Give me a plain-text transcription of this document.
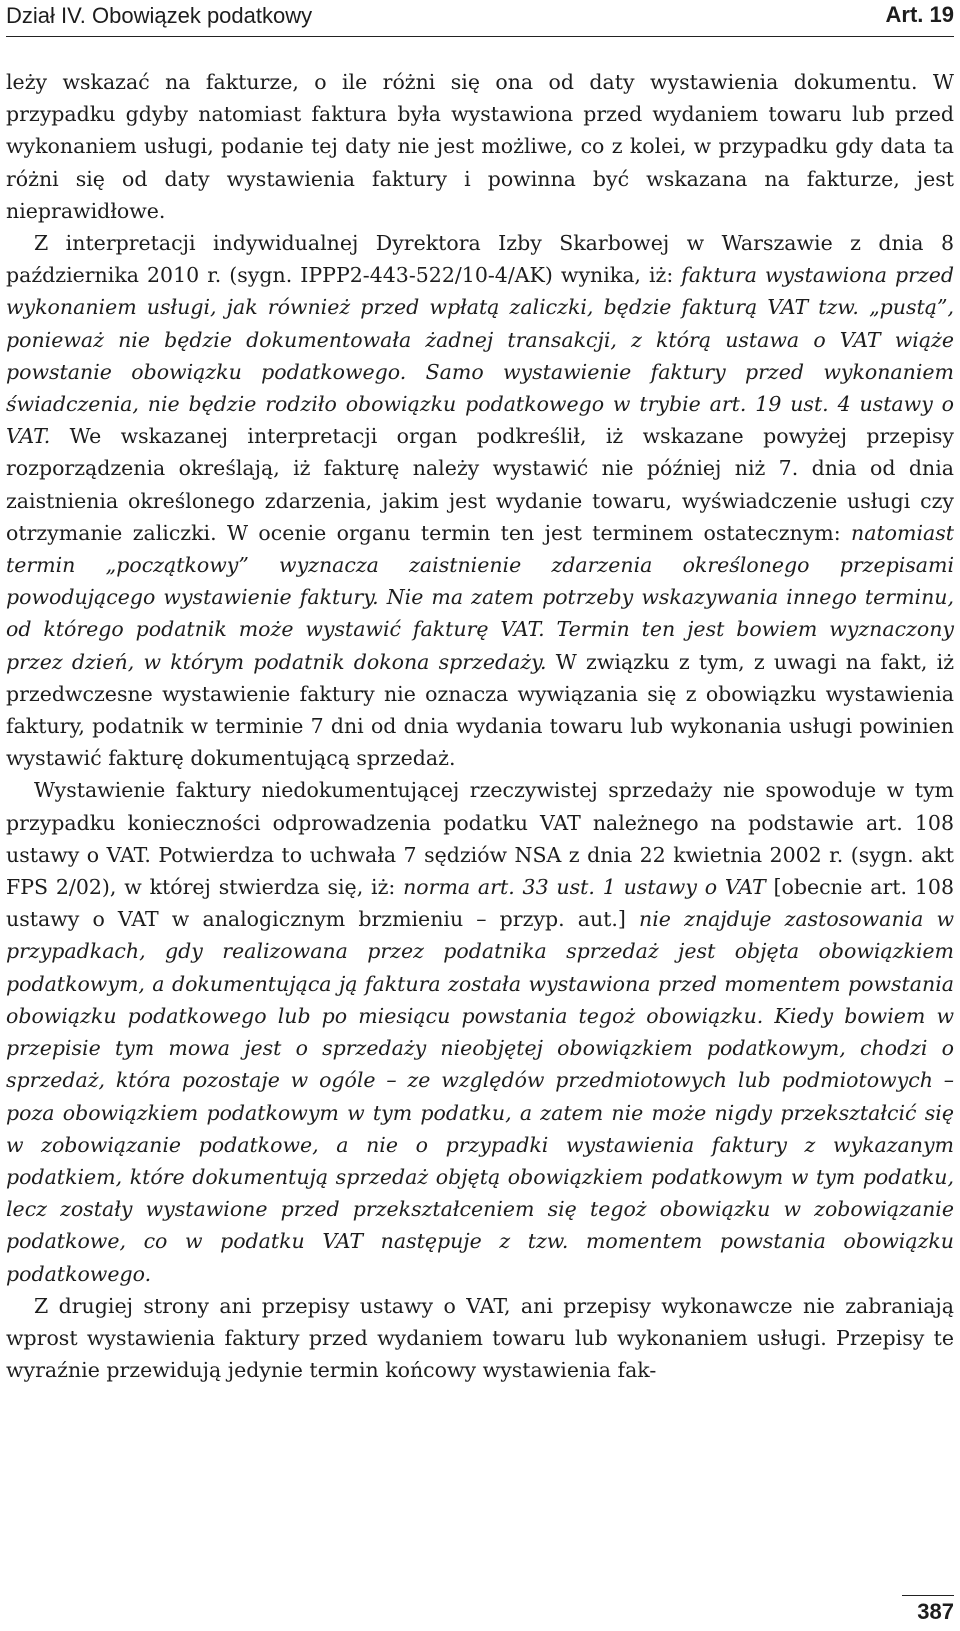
Dział IV. Obowiązek podatkowy	Art. 19

leży wskazać na fakturze, o ile różni się ona od daty wystawienia dokumentu. W przypadku gdyby natomiast faktura była wystawiona przed wydaniem towaru lub przed wykonaniem usługi, podanie tej daty nie jest możliwe, co z kolei, w przypadku gdy data ta różni się od daty wystawienia faktury i powinna być wskazana na fakturze, jest nieprawidłowe.

Z interpretacji indywidualnej Dyrektora Izby Skarbowej w Warszawie z dnia 8 października 2010 r. (sygn. IPPP2-443-522/10-4/AK) wynika, iż: faktura wystawiona przed wykonaniem usługi, jak również przed wpłatą zaliczki, będzie fakturą VAT tzw. „pustą”, ponieważ nie będzie dokumentowała żadnej transakcji, z którą ustawa o VAT wiąże powstanie obowiązku podatkowego. Samo wystawienie faktury przed wykonaniem świadczenia, nie będzie rodziło obowiązku podatkowego w trybie art. 19 ust. 4 ustawy o VAT. We wskazanej interpretacji organ podkreślił, iż wskazane powyżej przepisy rozporządzenia określają, iż fakturę należy wystawić nie później niż 7. dnia od dnia zaistnienia określonego zdarzenia, jakim jest wydanie towaru, wyświadczenie usługi czy otrzymanie zaliczki. W ocenie organu termin ten jest terminem ostatecznym: natomiast termin „początkowy” wyznacza zaistnienie zdarzenia określonego przepisami powodującego wystawienie faktury. Nie ma zatem potrzeby wskazywania innego terminu, od którego podatnik może wystawić fakturę VAT. Termin ten jest bowiem wyznaczony przez dzień, w którym podatnik dokona sprzedaży. W związku z tym, z uwagi na fakt, iż przedwczesne wystawienie faktury nie oznacza wywiązania się z obowiązku wystawienia faktury, podatnik w terminie 7 dni od dnia wydania towaru lub wykonania usługi powinien wystawić fakturę dokumentującą sprzedaż.

Wystawienie faktury niedokumentującej rzeczywistej sprzedaży nie spowoduje w tym przypadku konieczności odprowadzenia podatku VAT należnego na podstawie art. 108 ustawy o VAT. Potwierdza to uchwała 7 sędziów NSA z dnia 22 kwietnia 2002 r. (sygn. akt FPS 2/02), w której stwierdza się, iż: norma art. 33 ust. 1 ustawy o VAT [obecnie art. 108 ustawy o VAT w analogicznym brzmieniu – przyp. aut.] nie znajduje zastosowania w przypadkach, gdy realizowana przez podatnika sprzedaż jest objęta obowiązkiem podatkowym, a dokumentująca ją faktura została wystawiona przed momentem powstania obowiązku podatkowego lub po miesiącu powstania tegoż obowiązku. Kiedy bowiem w przepisie tym mowa jest o sprzedaży nieobjętej obowiązkiem podatkowym, chodzi o sprzedaż, która pozostaje w ogóle – ze względów przedmiotowych lub podmiotowych – poza obowiązkiem podatkowym w tym podatku, a zatem nie może nigdy przekształcić się w zobowiązanie podatkowe, a nie o przypadki wystawienia faktury z wykazanym podatkiem, które dokumentują sprzedaż objętą obowiązkiem podatkowym w tym podatku, lecz zostały wystawione przed przekształceniem się tegoż obowiązku w zobowiązanie podatkowe, co w podatku VAT następuje z tzw. momentem powstania obowiązku podatkowego.

Z drugiej strony ani przepisy ustawy o VAT, ani przepisy wykonawcze nie zabraniają wprost wystawienia faktury przed wydaniem towaru lub wykonaniem usługi. Przepisy te wyraźnie przewidują jedynie termin końcowy wystawienia fak-

387
